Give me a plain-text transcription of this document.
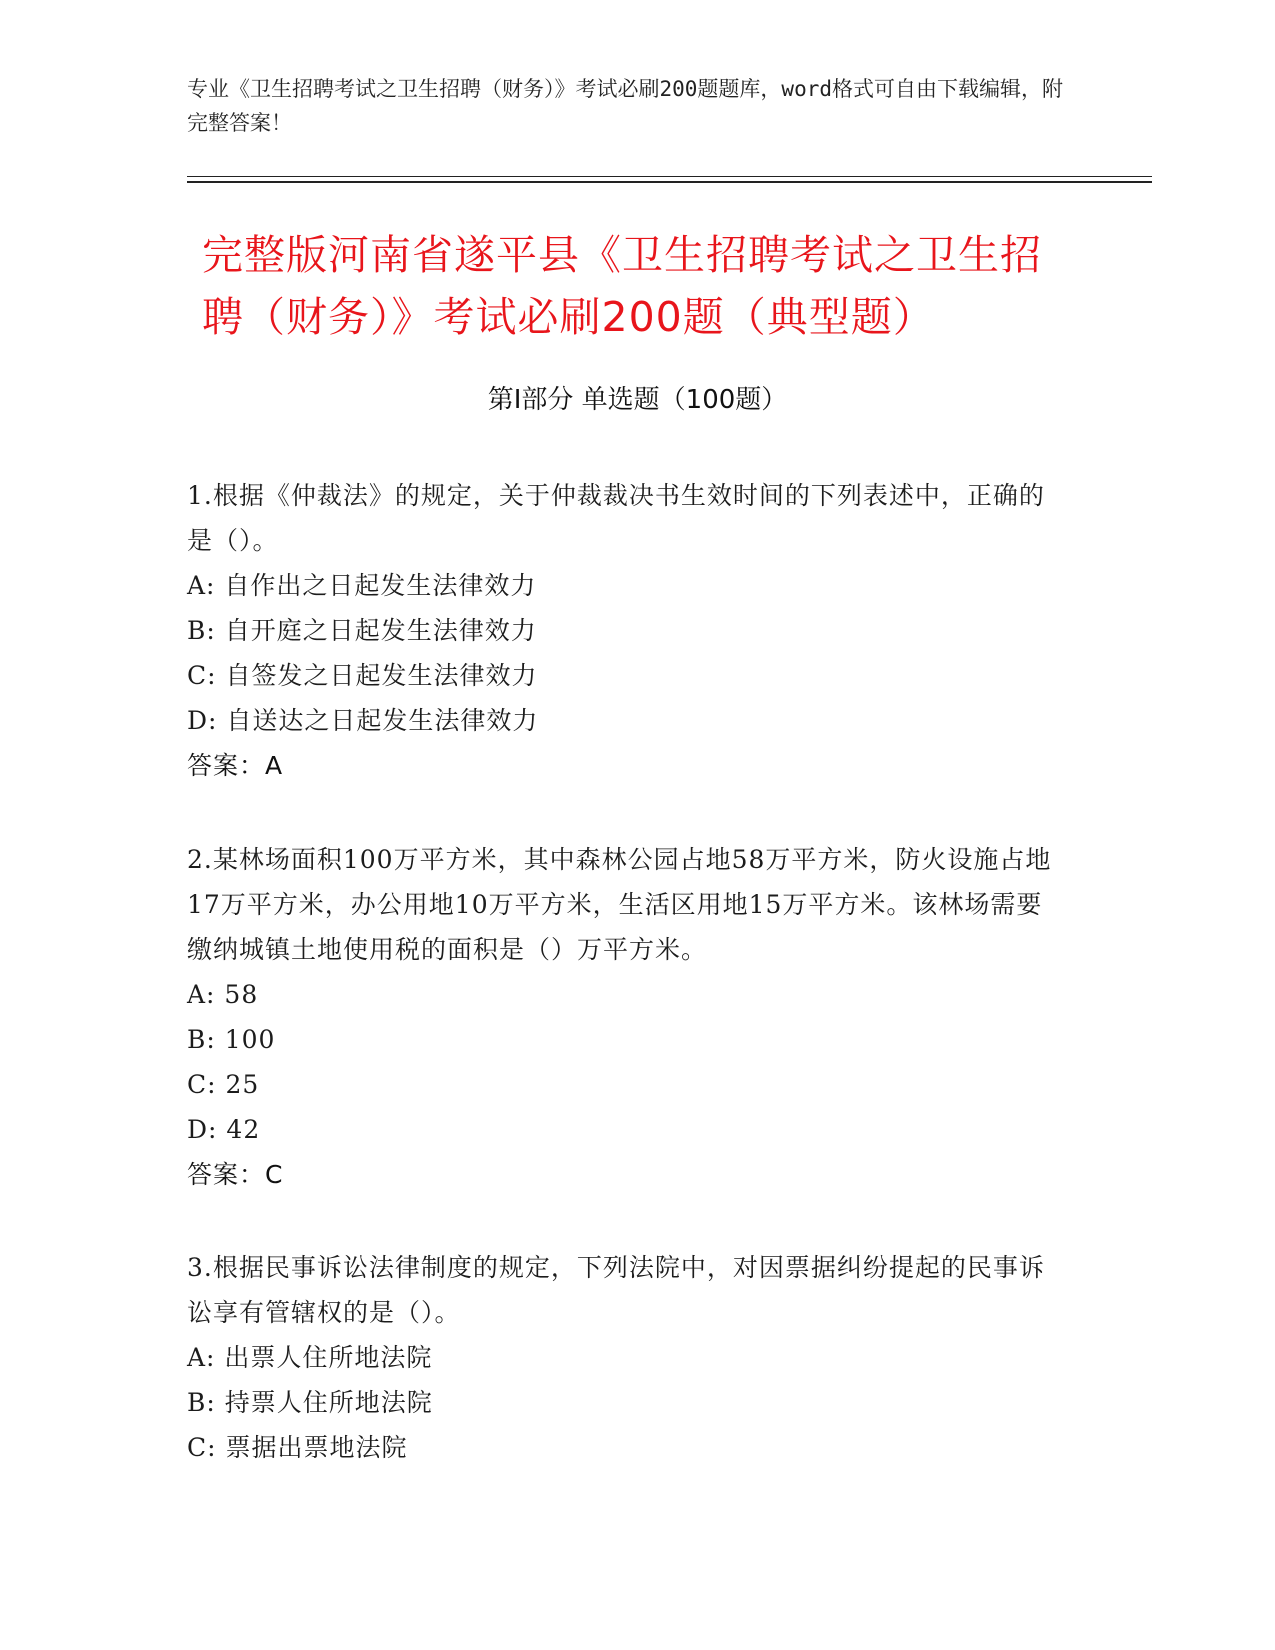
专业《卫生招聘考试之卫生招聘（财务）》考试必刷200题题库，word格式可自由下载编辑，附完整答案！
完整版河南省遂平县《卫生招聘考试之卫生招聘（财务）》考试必刷200题（典型题）
第Ⅰ部分 单选题（100题）

1.根据《仲裁法》的规定，关于仲裁裁决书生效时间的下列表述中，正确的是（）。

A: 自作出之日起发生法律效力

B: 自开庭之日起发生法律效力

C: 自签发之日起发生法律效力

D: 自送达之日起发生法律效力

答案：A

2.某林场面积100万平方米，其中森林公园占地58万平方米，防火设施占地17万平方米，办公用地10万平方米，生活区用地15万平方米。该林场需要缴纳城镇土地使用税的面积是（）万平方米。

A: 58

B: 100

C: 25

D: 42

答案：C

3.根据民事诉讼法律制度的规定，下列法院中，对因票据纠纷提起的民事诉讼享有管辖权的是（）。

A: 出票人住所地法院

B: 持票人住所地法院

C: 票据出票地法院
